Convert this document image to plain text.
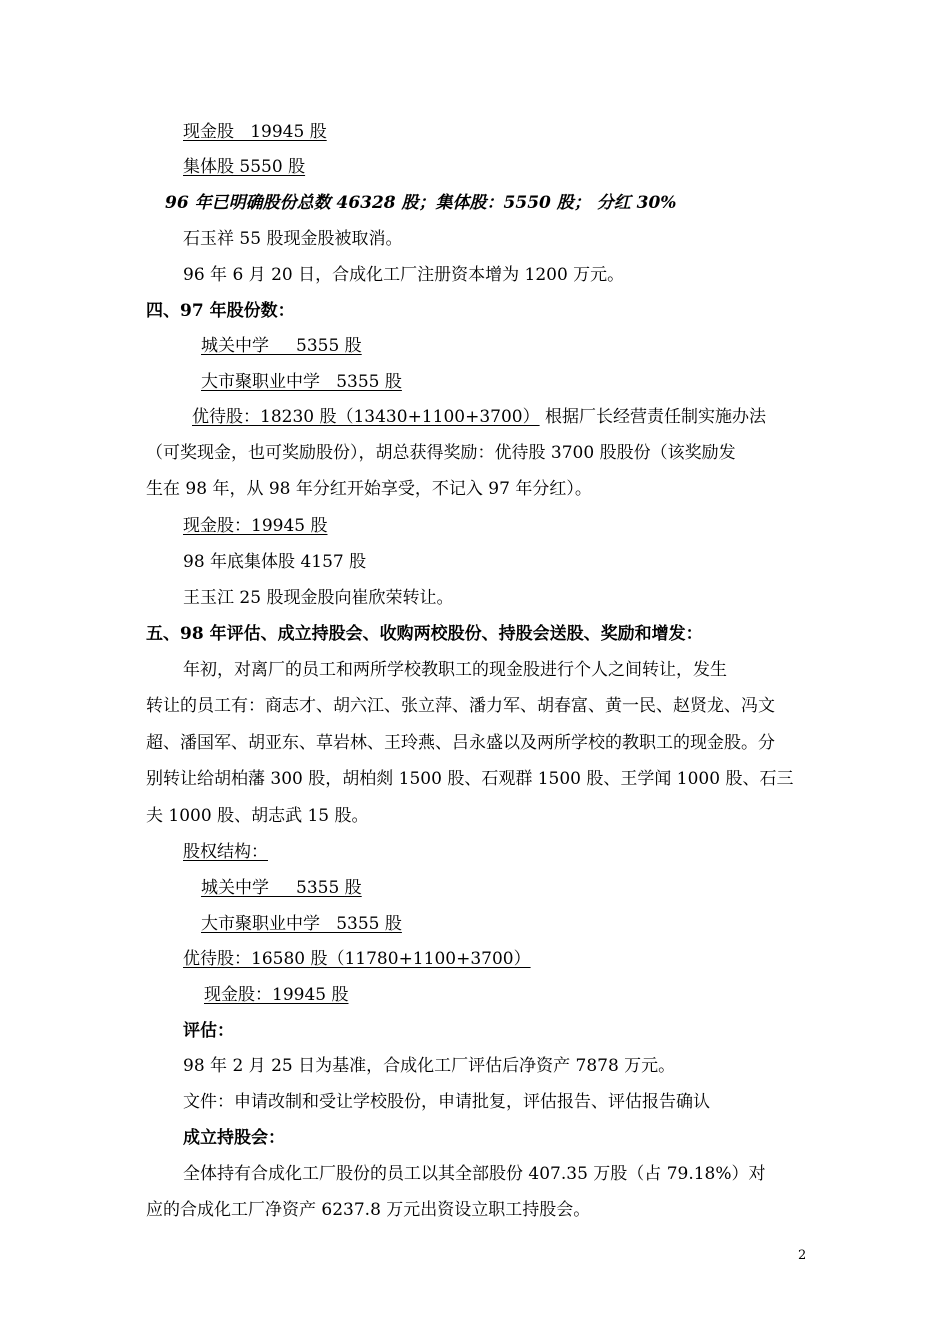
现金股   19945 股
集体股 5550 股
96 年已明确股份总数 46328 股；集体股：5550 股； 分红 30%
石玉祥 55 股现金股被取消。
96 年 6 月 20 日，合成化工厂注册资本增为 1200 万元。
四、97 年股份数：
城关中学     5355 股
大市聚职业中学   5355 股
优待股：18230 股（13430+1100+3700） 根据厂长经营责任制实施办法
（可奖现金，也可奖励股份），胡总获得奖励：优待股 3700 股股份（该奖励发
生在 98 年，从 98 年分红开始享受，不记入 97 年分红）。
现金股：19945 股
98 年底集体股 4157 股
王玉江 25 股现金股向崔欣荣转让。
五、98 年评估、成立持股会、收购两校股份、持股会送股、奖励和增发：
年初，对离厂的员工和两所学校教职工的现金股进行个人之间转让，发生
转让的员工有：商志才、胡六江、张立萍、潘力军、胡春富、黄一民、赵贤龙、冯文
超、潘国军、胡亚东、草岩林、王玲燕、吕永盛以及两所学校的教职工的现金股。分
别转让给胡柏藩 300 股，胡柏剡 1500 股、石观群 1500 股、王学闻 1000 股、石三
夫 1000 股、胡志武 15 股。
股权结构：
城关中学     5355 股
大市聚职业中学   5355 股
优待股：16580 股（11780+1100+3700）
现金股：19945 股
评估：
98 年 2 月 25 日为基准，合成化工厂评估后净资产 7878 万元。
文件：申请改制和受让学校股份，申请批复，评估报告、评估报告确认
成立持股会：
全体持有合成化工厂股份的员工以其全部股份 407.35 万股（占 79.18%）对
应的合成化工厂净资产 6237.8 万元出资设立职工持股会。
2
